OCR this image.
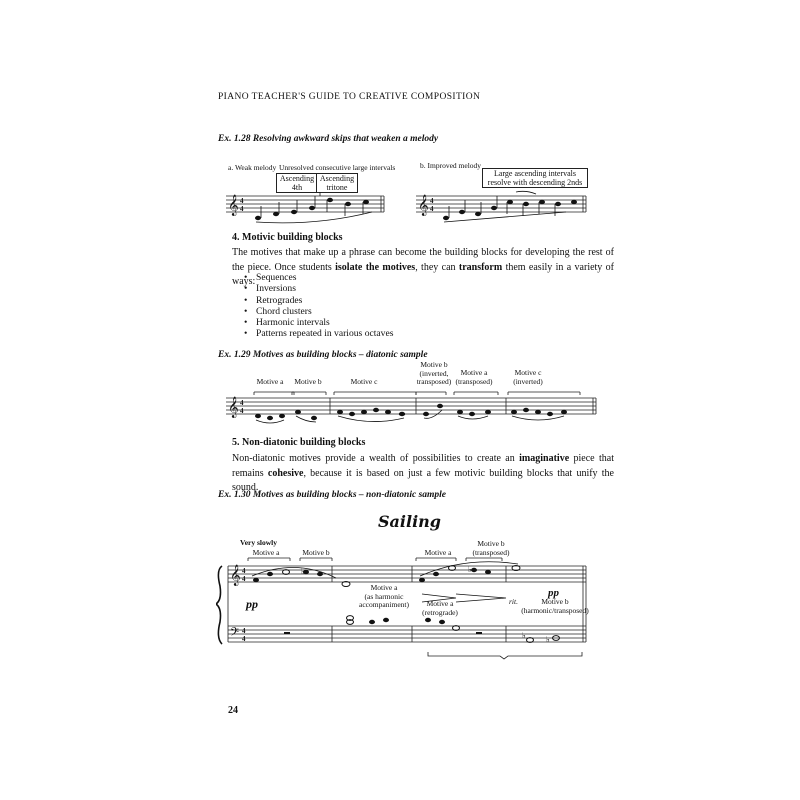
PIANO TEACHER'S GUIDE TO CREATIVE COMPOSITION
Ex. 1.28 Resolving awkward skips that weaken a melody
a. Weak melody Unresolved consecutive large intervals
Ascending
4th
Ascending
tritone
b. Improved melody
Large ascending intervals
resolve with descending 2nds
𝄞 4
4	𝄞 4
4
4. Motivic building blocks
The motives that make up a phrase can become the building blocks for developing the rest of the piece. Once students isolate the motives, they can transform them easily in a variety of ways:
• Sequences
• Inversions
• Retrogrades
• Chord clusters
• Harmonic intervals
• Patterns repeated in various octaves
Ex. 1.29 Motives as building blocks – diatonic sample
Motive a	Motive b	Motive c
Motive b
(inverted,
transposed)
Motive a
(transposed)
Motive c
(inverted)
𝄞 4
4
5. Non-diatonic building blocks
Non-diatonic motives provide a wealth of possibilities to create an imaginative piece that remains cohesive, because it is based on just a few motivic building blocks that unify the sound.
Ex. 1.30 Motives as building blocks – non-diatonic sample
Sailing
Very slowly
Motive a	Motive b	Motive a
Motive b
(transposed)
pp
Motive a
(as harmonic
accompaniment)	Motive a
(retrograde)
rit.
pp
Motive b
(harmonic/transposed)
𝄞 4
4
𝄢 4
4
♭	♭
♭	♭
24
